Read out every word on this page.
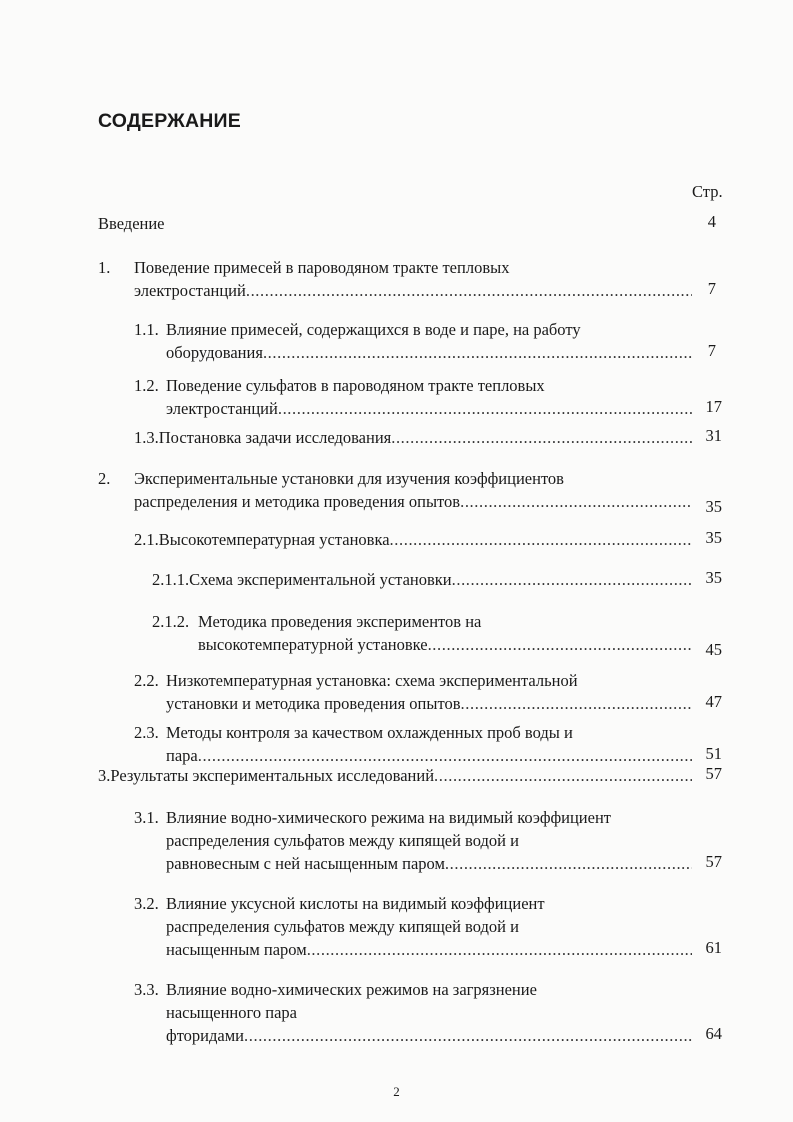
СОДЕРЖАНИЕ
Стр.
Введение	4
1.	Поведение примесей в пароводяном тракте тепловых
электростанций .....	7
1.1. Влияние примесей, содержащихся в воде и паре, на работу
оборудования .....	7
1.2. Поведение сульфатов в пароводяном тракте тепловых
электростанций .....	17
1.3. Постановка задачи исследования .....	31
2.	Экспериментальные установки для изучения коэффициентов
распределения и методика проведения опытов .....	35
2.1. Высокотемпературная установка .....	35
2.1.1. Схема экспериментальной установки .....	35
2.1.2. Методика проведения экспериментов на
высокотемпературной установке .....	45
2.2. Низкотемпературная установка: схема экспериментальной
установки и методика проведения опытов .....	47
2.3. Методы контроля за качеством охлажденных проб воды и
пара .....	51
3. Результаты экспериментальных исследований .....	57
3.1. Влияние водно-химического режима на видимый коэффициент
распределения сульфатов между кипящей водой и
равновесным с ней насыщенным паром .....	57
3.2. Влияние уксусной кислоты на видимый коэффициент
распределения сульфатов между кипящей водой и
насыщенным паром .....	61
3.3. Влияние водно-химических режимов на загрязнение
насыщенного пара
фторидами .....	64
2
